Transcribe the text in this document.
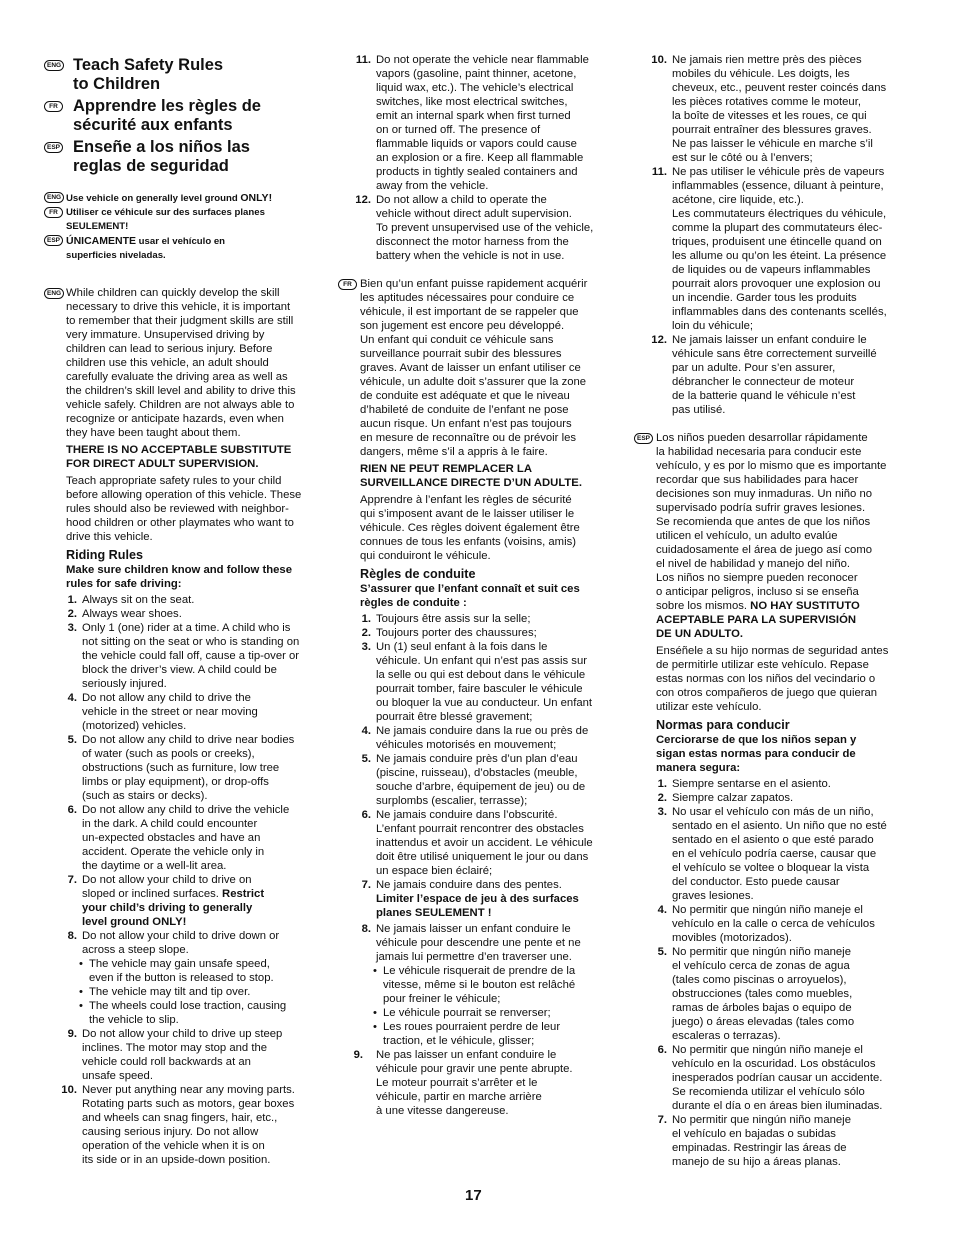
ENG Teach Safety Rules
to Children
FR Apprendre les règles de
sécurité aux enfants
ESP Enseñe a los niños las
reglas de seguridad
ENG Use vehicle on generally level ground ONLY!
FR Utiliser ce véhicule sur des surfaces planes
SEULEMENT!
ESP ÚNICAMENTE usar el vehículo en
superficies niveladas.
ENG While children can quickly develop the skill

necessary to drive this vehicle, it is important

to remember that their judgment skills are still

very immature. Unsupervised driving by

children can lead to serious injury. Before

children use this vehicle, an adult should

carefully evaluate the driving area as well as

the children’s skill level and ability to drive this

vehicle safely. Children are not always able to

recognize or anticipate hazards, even when

they have been taught about them.

THERE IS NO ACCEPTABLE SUBSTITUTE

FOR DIRECT ADULT SUPERVISION.

Teach appropriate safety rules to your child

before allowing operation of this vehicle. These

rules should also be reviewed with neighbor-

hood children or other playmates who want to

drive this vehicle.

Riding Rules

Make sure children know and follow these

rules for safe driving:

1. Always sit on the seat.

2. Always wear shoes.

3. Only 1 (one) rider at a time. A child who is

not sitting on the seat or who is standing on

the vehicle could fall off, cause a tip-over or

block the driver’s view. A child could be

seriously injured.

4. Do not allow any child to drive the

vehicle in the street or near moving

(motorized) vehicles.

5. Do not allow any child to drive near bodies

of water (such as pools or creeks),

obstructions (such as furniture, low tree

limbs or play equipment), or drop-offs

(such as stairs or decks).

6. Do not allow any child to drive the vehicle

in the dark. A child could encounter

un-expected obstacles and have an

accident. Operate the vehicle only in

the daytime or a well-lit area.

7. Do not allow your child to drive on

sloped or inclined surfaces. Restrict

your child’s driving to generally

level ground ONLY!

8. Do not allow your child to drive down or

across a steep slope.

• The vehicle may gain unsafe speed,

even if the button is released to stop.

• The vehicle may tilt and tip over.

• The wheels could lose traction, causing

the vehicle to slip.

9. Do not allow your child to drive up steep

inclines. The motor may stop and the

vehicle could roll backwards at an

unsafe speed.

10. Never put anything near any moving parts.

Rotating parts such as motors, gear boxes

and wheels can snag fingers, hair, etc.,

causing serious injury. Do not allow

operation of the vehicle when it is on

its side or in an upside-down position.

11. Do not operate the vehicle near flammable

vapors (gasoline, paint thinner, acetone,

liquid wax, etc.). The vehicle’s electrical

switches, like most electrical switches,

emit an internal spark when first turned

on or turned off. The presence of

flammable liquids or vapors could cause

an explosion or a fire. Keep all flammable

products in tightly sealed containers and

away from the vehicle.

12. Do not allow a child to operate the

vehicle without direct adult supervision.

To prevent unsupervised use of the vehicle,

disconnect the motor harness from the

battery when the vehicle is not in use.

FR Bien qu’un enfant puisse rapidement acquérir

les aptitudes nécessaires pour conduire ce

véhicule, il est important de se rappeler que

son jugement est encore peu développé.

Un enfant qui conduit ce véhicule sans

surveillance pourrait subir des blessures

graves. Avant de laisser un enfant utiliser ce

véhicule, un adulte doit s’assurer que la zone

de conduite est adéquate et que le niveau

d’habileté de conduite de l’enfant ne pose

aucun risque. Un enfant n’est pas toujours

en mesure de reconnaître ou de prévoir les

dangers, même s’il a appris à le faire.

RIEN NE PEUT REMPLACER LA

SURVEILLANCE DIRECTE D’UN ADULTE.

Apprendre à l’enfant les règles de sécurité

qui s’imposent avant de le laisser utiliser le

véhicule. Ces règles doivent également être

connues de tous les enfants (voisins, amis)

qui conduiront le véhicule.

Règles de conduite

S’assurer que l’enfant connaît et suit ces

règles de conduite :

1. Toujours être assis sur la selle;

2. Toujours porter des chaussures;

3. Un (1) seul enfant à la fois dans le

véhicule. Un enfant qui n’est pas assis sur

la selle ou qui est debout dans le véhicule

pourrait tomber, faire basculer le véhicule

ou bloquer la vue au conducteur. Un enfant

pourrait être blessé gravement;

4. Ne jamais conduire dans la rue ou près de

véhicules motorisés en mouvement;

5. Ne jamais conduire près d’un plan d’eau

(piscine, ruisseau), d’obstacles (meuble,

souche d’arbre, équipement de jeu) ou de

surplombs (escalier, terrasse);

6. Ne jamais conduire dans l’obscurité.

L’enfant pourrait rencontrer des obstacles

inattendus et avoir un accident. Le véhicule

doit être utilisé uniquement le jour ou dans

un espace bien éclairé;

7. Ne jamais conduire dans des pentes.

Limiter l’espace de jeu à des surfaces

planes SEULEMENT !

8. Ne jamais laisser un enfant conduire le

véhicule pour descendre une pente et ne

jamais lui permettre d’en traverser une.

• Le véhicule risquerait de prendre de la

vitesse, même si le bouton est relâché

pour freiner le véhicule;

• Le véhicule pourrait se renverser;

• Les roues pourraient perdre de leur

traction, et le véhicule, glisser;

9. Ne pas laisser un enfant conduire le

véhicule pour gravir une pente abrupte.

Le moteur pourrait s’arrêter et le

véhicule, partir en marche arrière

à une vitesse dangereuse.

10. Ne jamais rien mettre près des pièces

mobiles du véhicule. Les doigts, les

cheveux, etc., peuvent rester coincés dans

les pièces rotatives comme le moteur,

la boîte de vitesses et les roues, ce qui

pourrait entraîner des blessures graves.

Ne pas laisser le véhicule en marche s’il

est sur le côté ou à l’envers;

11. Ne pas utiliser le véhicule près de vapeurs

inflammables (essence, diluant à peinture,

acétone, cire liquide, etc.).

Les commutateurs électriques du véhicule,

comme la plupart des commutateurs élec-

triques, produisent une étincelle quand on

les allume ou qu’on les éteint. La présence

de liquides ou de vapeurs inflammables

pourrait alors provoquer une explosion ou

un incendie. Garder tous les produits

inflammables dans des contenants scellés,

loin du véhicule;

12. Ne jamais laisser un enfant conduire le

véhicule sans être correctement surveillé

par un adulte. Pour s’en assurer,

débrancher le connecteur de moteur

de la batterie quand le véhicule n’est

pas utilisé.

ESP Los niños pueden desarrollar rápidamente

la habilidad necesaria para conducir este

vehículo, y es por lo mismo que es importante

recordar que sus habilidades para hacer

decisiones son muy inmaduras. Un niño no

supervisado podría sufrir graves lesiones.

Se recomienda que antes de que los niños

utilicen el vehículo, un adulto evalúe

cuidadosamente el área de juego así como

el nivel de habilidad y manejo del niño.

Los niños no siempre pueden reconocer

o anticipar peligros, incluso si se enseña

sobre los mismos. NO HAY SUSTITUTO

ACEPTABLE PARA LA SUPERVISIÓN

DE UN ADULTO.

Enséñele a su hijo normas de seguridad antes

de permitirle utilizar este vehículo. Repase

estas normas con los niños del vecindario o

con otros compañeros de juego que quieran

utilizar este vehículo.

Normas para conducir

Cerciorarse de que los niños sepan y

sigan estas normas para conducir de

manera segura:

1. Siempre sentarse en el asiento.

2. Siempre calzar zapatos.

3. No usar el vehículo con más de un niño,

sentado en el asiento. Un niño que no esté

sentado en el asiento o que esté parado

en el vehículo podría caerse, causar que

el vehículo se voltee o bloquear la vista

del conductor. Esto puede causar

graves lesiones.

4. No permitir que ningún niño maneje el

vehículo en la calle o cerca de vehículos

movibles (motorizados).

5. No permitir que ningún niño maneje

el vehículo cerca de zonas de agua

(tales como piscinas o arroyuelos),

obstrucciones (tales como muebles,

ramas de árboles bajas o equipo de

juego) o áreas elevadas (tales como

escaleras o terrazas).

6. No permitir que ningún niño maneje el

vehículo en la oscuridad. Los obstáculos

inesperados podrían causar un accidente.

Se recomienda utilizar el vehículo sólo

durante el día o en áreas bien iluminadas.

7. No permitir que ningún niño maneje

el vehículo en bajadas o subidas

empinadas. Restringir las áreas de

manejo de su hijo a áreas planas.

17
